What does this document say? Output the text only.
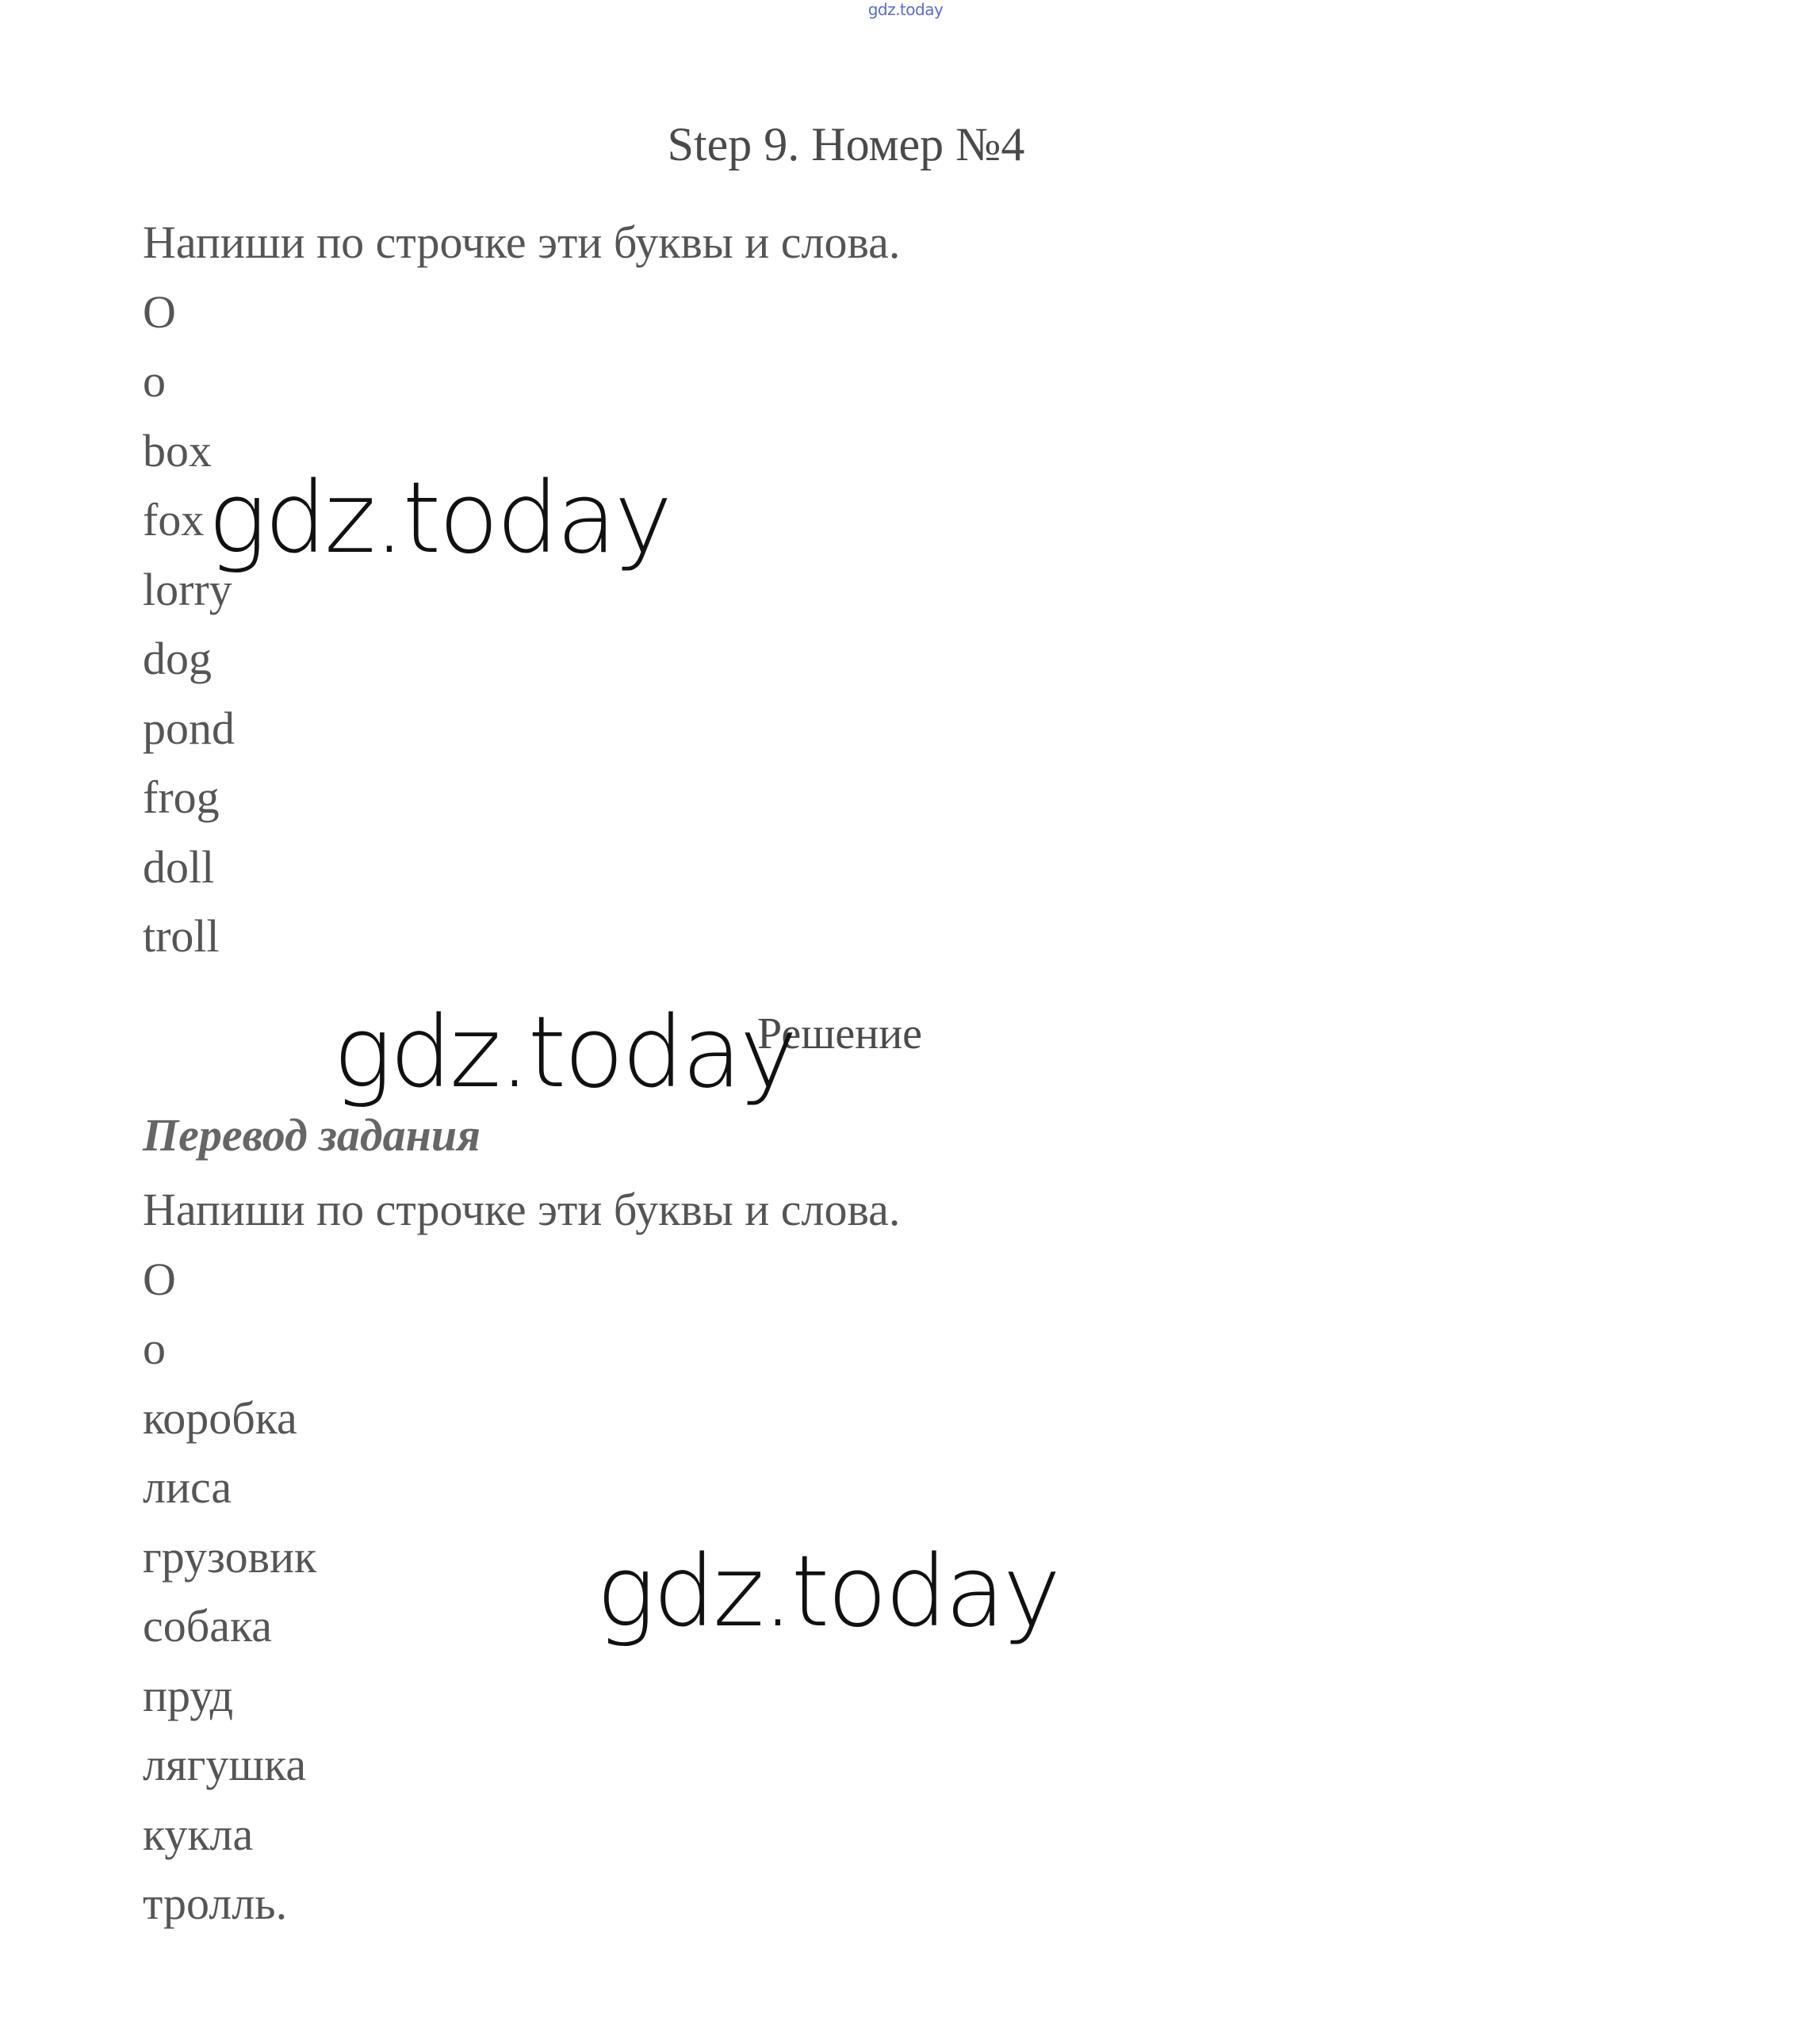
gdz.today
Step 9. Номер №4
Напиши по строчке эти буквы и слова.
O
o
box
fox
lorry
dog
pond
frog
doll
troll
Решение
Перевод задания
Напиши по строчке эти буквы и слова.
О
о
коробка
лиса
грузовик
собака
пруд
лягушка
кукла
тролль.
gdz.today
gdz.today
gdz.today
